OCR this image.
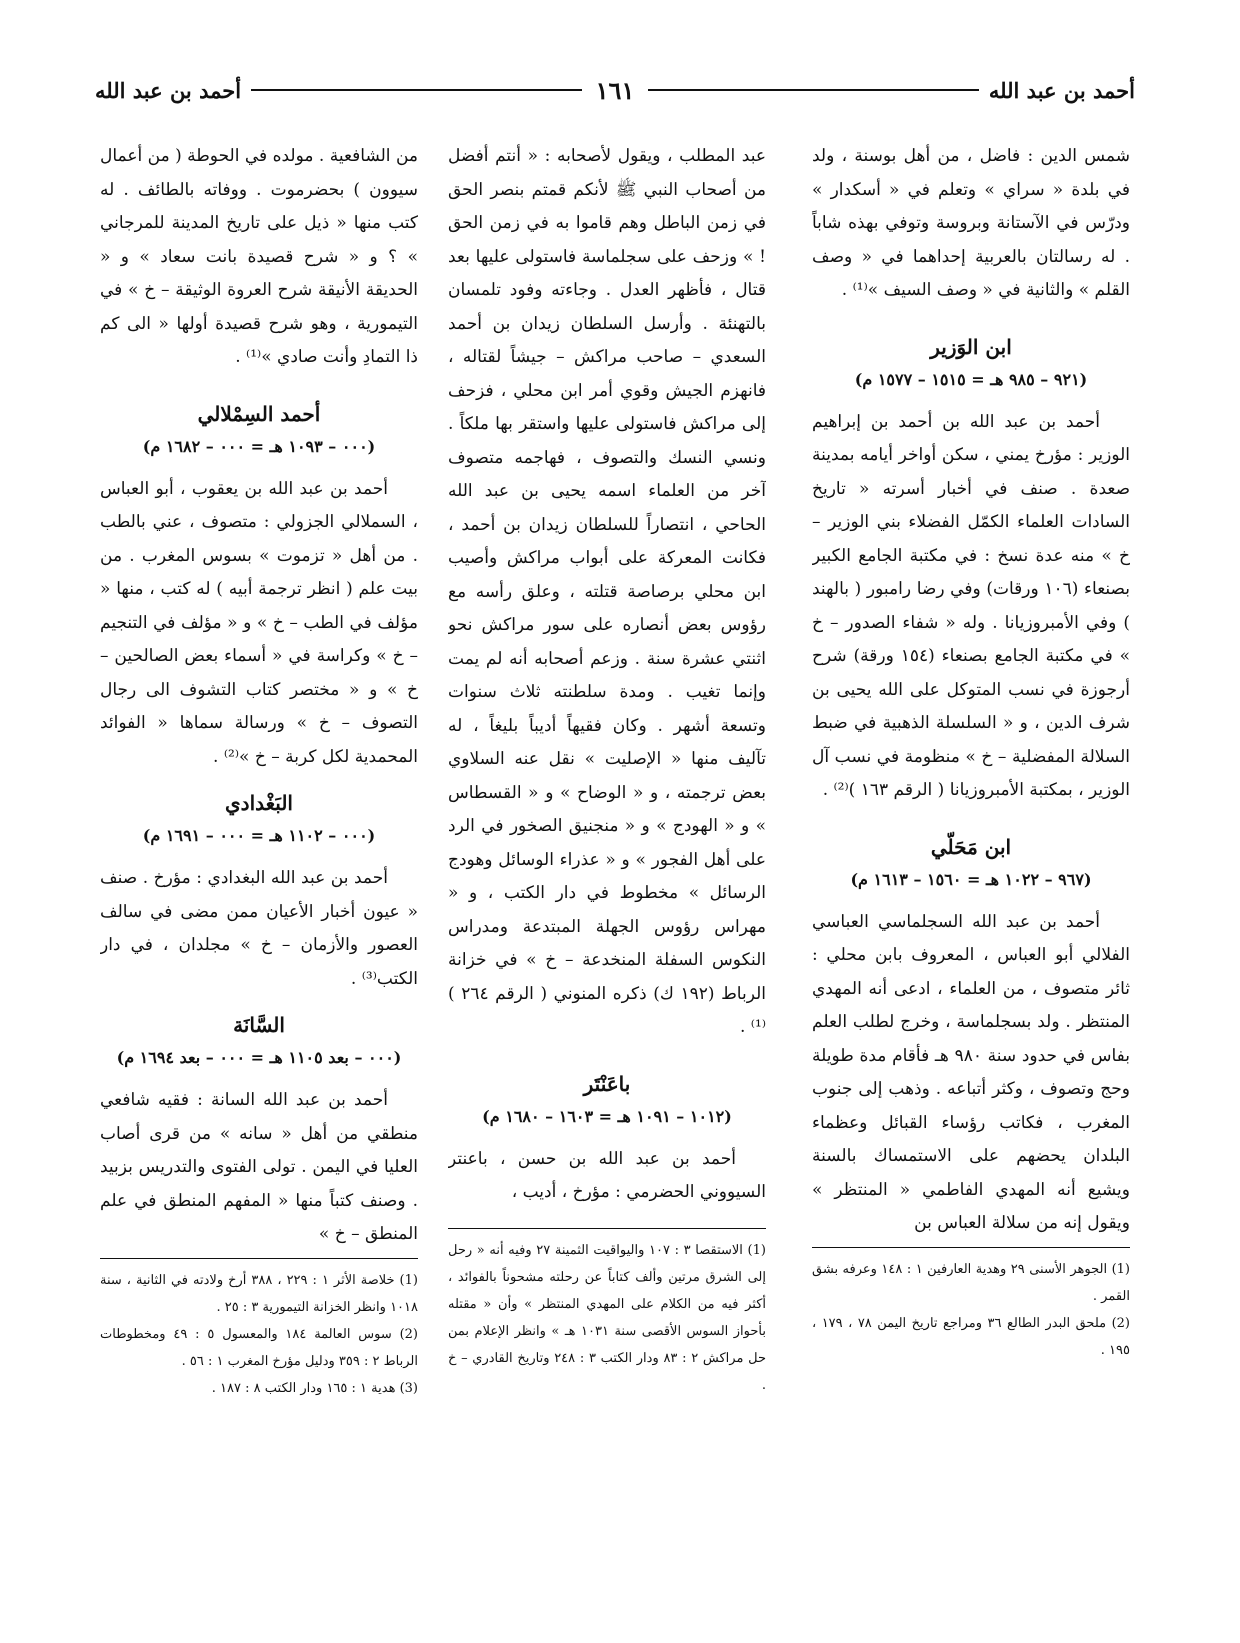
أحمد بن عبد الله
١٦١
أحمد بن عبد الله

شمس الدين : فاضل ، من أهل بوسنة ، ولد في بلدة « سراي » وتعلم في « أسكدار » ودرّس في الآستانة وبروسة وتوفي بهذه شاباً . له رسالتان بالعربية إحداهما في « وصف القلم » والثانية في « وصف السيف »⁽¹⁾ .

ابن الوَزير

(٩٢١ – ٩٨٥ هـ = ١٥١٥ – ١٥٧٧ م)

أحمد بن عبد الله بن أحمد بن إبراهيم الوزير : مؤرخ يمني ، سكن أواخر أيامه بمدينة صعدة . صنف في أخبار أسرته « تاريخ السادات العلماء الكمّل الفضلاء بني الوزير – خ » منه عدة نسخ : في مكتبة الجامع الكبير بصنعاء (١٠٦ ورقات) وفي رضا رامبور ( بالهند ) وفي الأمبروزيانا . وله « شفاء الصدور – خ » في مكتبة الجامع بصنعاء (١٥٤ ورقة) شرح أرجوزة في نسب المتوكل على الله يحيى بن شرف الدين ، و « السلسلة الذهبية في ضبط السلالة المفضلية – خ » منظومة في نسب آل الوزير ، بمكتبة الأمبروزيانا ( الرقم ١٦٣ )⁽²⁾ .

ابن مَحَلّي

(٩٦٧ – ١٠٢٢ هـ = ١٥٦٠ – ١٦١٣ م)

أحمد بن عبد الله السجلماسي العباسي الفلالي أبو العباس ، المعروف بابن محلي : ثائر متصوف ، من العلماء ، ادعى أنه المهدي المنتظر . ولد بسجلماسة ، وخرج لطلب العلم بفاس في حدود سنة ٩٨٠ هـ فأقام مدة طويلة وحج وتصوف ، وكثر أتباعه . وذهب إلى جنوب المغرب ، فكاتب رؤساء القبائل وعظماء البلدان يحضهم على الاستمساك بالسنة ويشيع أنه المهدي الفاطمي « المنتظر » ويقول إنه من سلالة العباس بن

(1) الجوهر الأسنى ٢٩ وهدية العارفين ١ : ١٤٨ وعرفه بشق القمر .

(2) ملحق البدر الطالع ٣٦ ومراجع تاريخ اليمن ٧٨ ، ١٧٩ ، ١٩٥ .

عبد المطلب ، ويقول لأصحابه : « أنتم أفضل من أصحاب النبي ﷺ لأنكم قمتم بنصر الحق في زمن الباطل وهم قاموا به في زمن الحق ! » وزحف على سجلماسة فاستولى عليها بعد قتال ، فأظهر العدل . وجاءته وفود تلمسان بالتهنئة . وأرسل السلطان زيدان بن أحمد السعدي – صاحب مراكش – جيشاً لقتاله ، فانهزم الجيش وقوي أمر ابن محلي ، فزحف إلى مراكش فاستولى عليها واستقر بها ملكاً . ونسي النسك والتصوف ، فهاجمه متصوف آخر من العلماء اسمه يحيى بن عبد الله الحاحي ، انتصاراً للسلطان زيدان بن أحمد ، فكانت المعركة على أبواب مراكش وأصيب ابن محلي برصاصة قتلته ، وعلق رأسه مع رؤوس بعض أنصاره على سور مراكش نحو اثنتي عشرة سنة . وزعم أصحابه أنه لم يمت وإنما تغيب . ومدة سلطنته ثلاث سنوات وتسعة أشهر . وكان فقيهاً أديباً بليغاً ، له تآليف منها « الإصليت » نقل عنه السلاوي بعض ترجمته ، و « الوضاح » و « القسطاس » و « الهودج » و « منجنيق الصخور في الرد على أهل الفجور » و « عذراء الوسائل وهودج الرسائل » مخطوط في دار الكتب ، و « مهراس رؤوس الجهلة المبتدعة ومدراس النكوس السفلة المنخدعة – خ » في خزانة الرباط (١٩٢ ك) ذكره المنوني ( الرقم ٢٦٤ )⁽¹⁾ .

باعَنْتَر

(١٠١٢ – ١٠٩١ هـ = ١٦٠٣ – ١٦٨٠ م)

أحمد بن عبد الله بن حسن ، باعنتر السيووني الحضرمي : مؤرخ ، أديب ،

(1) الاستقصا ٣ : ١٠٧ واليواقيت الثمينة ٢٧ وفيه أنه « رحل إلى الشرق مرتين وألف كتاباً عن رحلته مشحوناً بالفوائد ، أكثر فيه من الكلام على المهدي المنتظر » وأن « مقتله بأحواز السوس الأقصى سنة ١٠٣١ هـ » وانظر الإعلام بمن حل مراكش ٢ : ٨٣ ودار الكتب ٣ : ٢٤٨ وتاريخ القادري – خ .

من الشافعية . مولده في الحوطة ( من أعمال سيوون ) بحضرموت . ووفاته بالطائف . له كتب منها « ذيل على تاريخ المدينة للمرجاني » ؟ و « شرح قصيدة بانت سعاد » و « الحديقة الأنيقة شرح العروة الوثيقة – خ » في التيمورية ، وهو شرح قصيدة أولها « الى كم ذا التمادِ وأنت صادي »⁽¹⁾ .

أحمد السِمْلالي

(٠٠٠ – ١٠٩٣ هـ = ٠٠٠ – ١٦٨٢ م)

أحمد بن عبد الله بن يعقوب ، أبو العباس ، السملالي الجزولي : متصوف ، عني بالطب . من أهل « تزموت » بسوس المغرب . من بيت علم ( انظر ترجمة أبيه ) له كتب ، منها « مؤلف في الطب – خ » و « مؤلف في التنجيم – خ » وكراسة في « أسماء بعض الصالحين – خ » و « مختصر كتاب التشوف الى رجال التصوف – خ » ورسالة سماها « الفوائد المحمدية لكل كربة – خ »⁽²⁾ .

البَغْدادي

(٠٠٠ – ١١٠٢ هـ = ٠٠٠ – ١٦٩١ م)

أحمد بن عبد الله البغدادي : مؤرخ . صنف « عيون أخبار الأعيان ممن مضى في سالف العصور والأزمان – خ » مجلدان ، في دار الكتب⁽³⁾ .

السَّانَة

(٠٠٠ – بعد ١١٠٥ هـ = ٠٠٠ – بعد ١٦٩٤ م)

أحمد بن عبد الله السانة : فقيه شافعي منطقي من أهل « سانه » من قرى أصاب العليا في اليمن . تولى الفتوى والتدريس بزبيد . وصنف كتباً منها « المفهم المنطق في علم المنطق – خ »

(1) خلاصة الأثر ١ : ٢٢٩ ، ٣٨٨ أرخ ولادته في الثانية ، سنة ١٠١٨ وانظر الخزانة التيمورية ٣ : ٢٥ .

(2) سوس العالمة ١٨٤ والمعسول ٥ : ٤٩ ومخطوطات الرباط ٢ : ٣٥٩ ودليل مؤرخ المغرب ١ : ٥٦ .

(3) هدية ١ : ١٦٥ ودار الكتب ٨ : ١٨٧ .
